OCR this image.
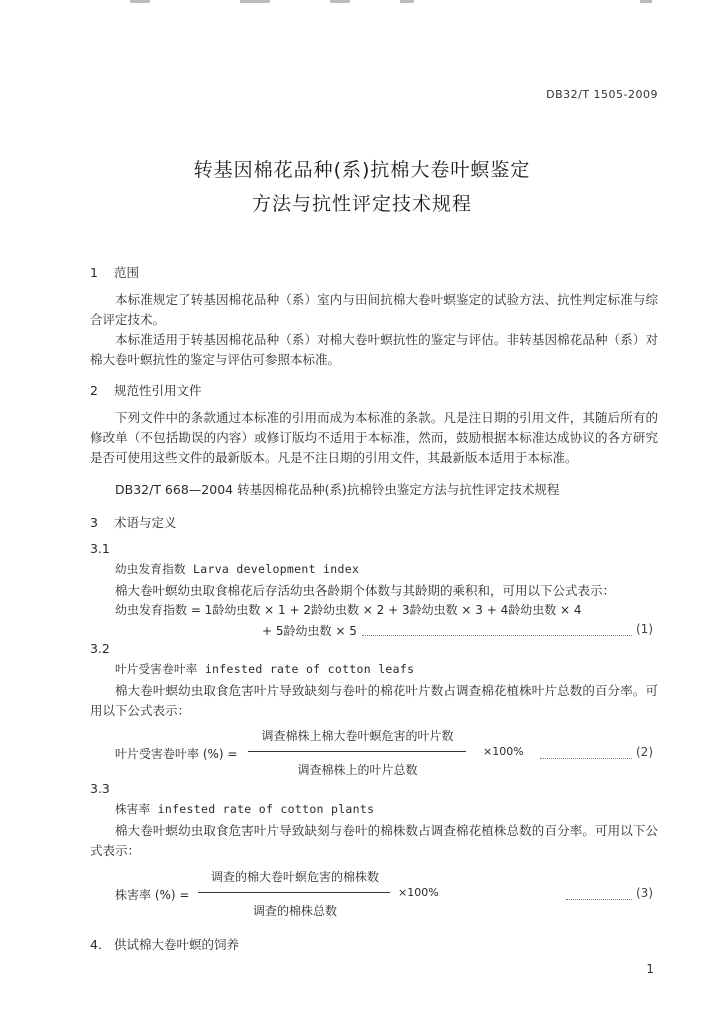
DB32/T 1505-2009
转基因棉花品种(系)抗棉大卷叶螟鉴定
方法与抗性评定技术规程
1 范围

本标准规定了转基因棉花品种（系）室内与田间抗棉大卷叶螟鉴定的试验方法、抗性判定标准与综合评定技术。

本标准适用于转基因棉花品种（系）对棉大卷叶螟抗性的鉴定与评估。非转基因棉花品种（系）对棉大卷叶螟抗性的鉴定与评估可参照本标准。

2 规范性引用文件

下列文件中的条款通过本标准的引用而成为本标准的条款。凡是注日期的引用文件，其随后所有的修改单（不包括勘误的内容）或修订版均不适用于本标准，然而，鼓励根据本标准达成协议的各方研究是否可使用这些文件的最新版本。凡是不注日期的引用文件，其最新版本适用于本标准。

DB32/T 668—2004 转基因棉花品种(系)抗棉铃虫鉴定方法与抗性评定技术规程
3 术语与定义
3.1
幼虫发育指数 Larva development index
棉大卷叶螟幼虫取食棉花后存活幼虫各龄期个体数与其龄期的乘积和，可用以下公式表示：
幼虫发育指数 = 1龄幼虫数 × 1 + 2龄幼虫数 × 2 + 3龄幼虫数 × 3 + 4龄幼虫数 × 4
+ 5龄幼虫数 × 5	(1)
3.2
叶片受害卷叶率 infested rate of cotton leafs

棉大卷叶螟幼虫取食危害叶片导致缺刻与卷叶的棉花叶片数占调查棉花植株叶片总数的百分率。可用以下公式表示：

叶片受害卷叶率 (%) =
调查棉株上棉大卷叶螟危害的叶片数
调查棉株上的叶片总数
×100%	(2)
3.3
株害率 infested rate of cotton plants

棉大卷叶螟幼虫取食危害叶片导致缺刻与卷叶的棉株数占调查棉花植株总数的百分率。可用以下公式表示：

株害率 (%) =
调查的棉大卷叶螟危害的棉株数
调查的棉株总数
×100%	(3)
4. 供试棉大卷叶螟的饲养
1
